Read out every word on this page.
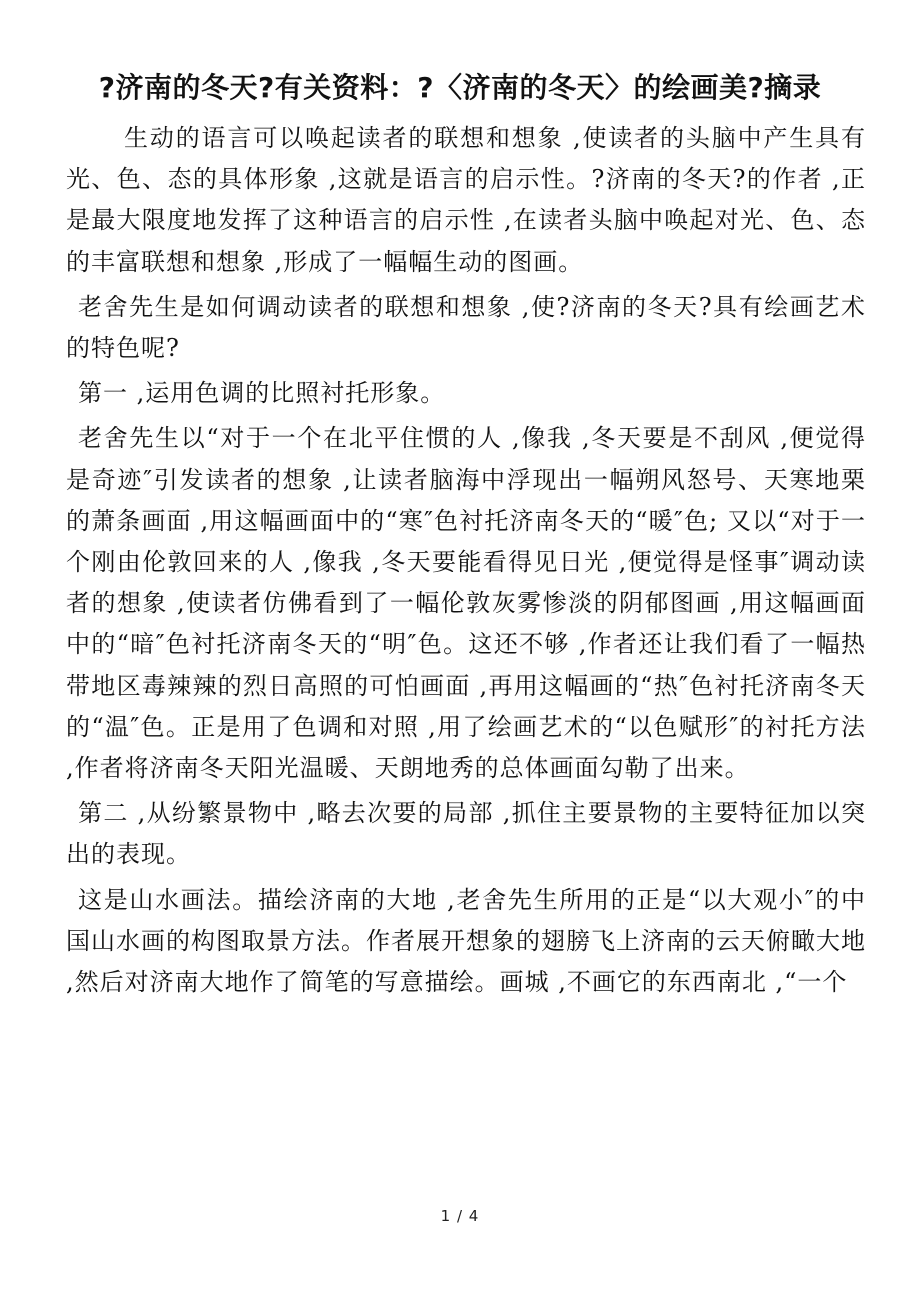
?济南的冬天?有关资料：?〈济南的冬天〉的绘画美?摘录

生动的语言可以唤起读者的联想和想象 ,使读者的头脑中产生具有光、色、态的具体形象 ,这就是语言的启示性。?济南的冬天?的作者 ,正是最大限度地发挥了这种语言的启示性 ,在读者头脑中唤起对光、色、态的丰富联想和想象 ,形成了一幅幅生动的图画。

老舍先生是如何调动读者的联想和想象 ,使?济南的冬天?具有绘画艺术的特色呢?

第一 ,运用色调的比照衬托形象。

老舍先生以“对于一个在北平住惯的人 ,像我 ,冬天要是不刮风 ,便觉得是奇迹″引发读者的想象 ,让读者脑海中浮现出一幅朔风怒号、天寒地栗的萧条画面 ,用这幅画面中的“寒″色衬托济南冬天的“暖″色; 又以“对于一个刚由伦敦回来的人 ,像我 ,冬天要能看得见日光 ,便觉得是怪事″调动读者的想象 ,使读者仿佛看到了一幅伦敦灰雾惨淡的阴郁图画 ,用这幅画面中的“暗″色衬托济南冬天的“明″色。这还不够 ,作者还让我们看了一幅热带地区毒辣辣的烈日高照的可怕画面 ,再用这幅画的“热″色衬托济南冬天的“温″色。正是用了色调和对照 ,用了绘画艺术的“以色赋形″的衬托方法 ,作者将济南冬天阳光温暖、天朗地秀的总体画面勾勒了出来。

第二 ,从纷繁景物中 ,略去次要的局部 ,抓住主要景物的主要特征加以突出的表现。

这是山水画法。描绘济南的大地 ,老舍先生所用的正是“以大观小″的中国山水画的构图取景方法。作者展开想象的翅膀飞上济南的云天俯瞰大地 ,然后对济南大地作了简笔的写意描绘。画城 ,不画它的东西南北 ,“一个

1 / 4
